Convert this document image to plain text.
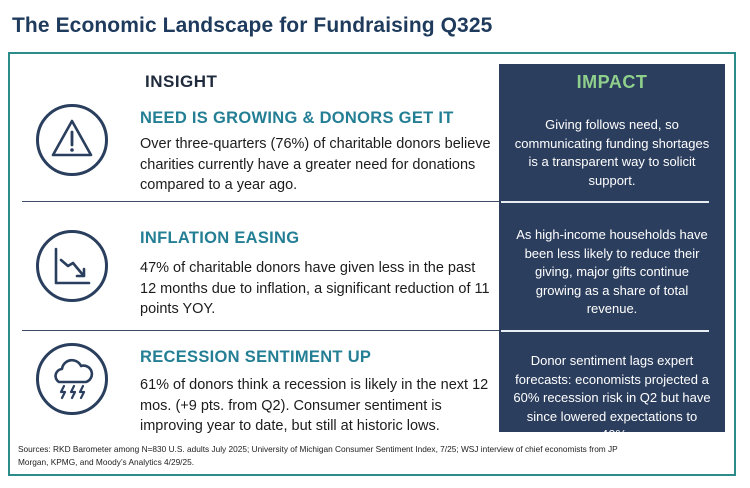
The Economic Landscape for Fundraising Q325
INSIGHT	IMPACT
Giving follows need, so communicating funding shortages is a transparent way to solicit support.
As high-income households have been less likely to reduce their giving, major gifts continue growing as a share of total revenue.
Donor sentiment lags expert forecasts: economists projected a 60% recession risk in Q2 but have since lowered expectations to ~40%.
NEED IS GROWING & DONORS GET IT
Over three-quarters (76%) of charitable donors believe charities currently have a greater need for donations compared to a year ago.
INFLATION EASING
47% of charitable donors have given less in the past 12 months due to inflation, a significant reduction of 11 points YOY.
RECESSION SENTIMENT UP
61% of donors think a recession is likely in the next 12 mos. (+9 pts. from Q2). Consumer sentiment is improving year to date, but still at historic lows.
Sources: RKD Barometer among N=830 U.S. adults July 2025; University of Michigan Consumer Sentiment Index, 7/25; WSJ interview of chief economists from JP Morgan, KPMG, and Moody’s Analytics 4/29/25.
